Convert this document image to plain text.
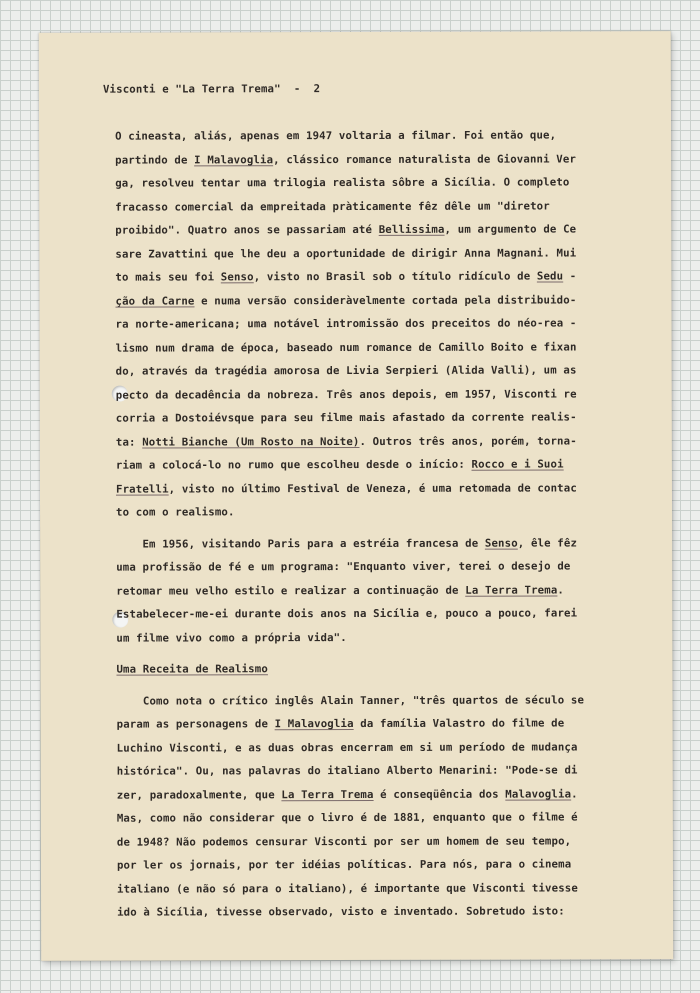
Visconti e "La Terra Trema"  -  2
O cineasta, aliás, apenas em 1947 voltaria a filmar. Foi então que,
partindo de I Malavoglia, clássico romance naturalista de Giovanni Ver
ga, resolveu tentar uma trilogia realista sôbre a Sicília. O completo
fracasso comercial da empreitada pràticamente fêz dêle um "diretor
proibido". Quatro anos se passariam até Bellissima, um argumento de Ce
sare Zavattini que lhe deu a oportunidade de dirigir Anna Magnani. Mui
to mais seu foi Senso, visto no Brasil sob o título ridículo de Sedu -
ção da Carne e numa versão consideràvelmente cortada pela distribuido-
ra norte-americana; uma notável intromissão dos preceitos do néo-rea -
lismo num drama de época, baseado num romance de Camillo Boito e fixan
do, através da tragédia amorosa de Livia Serpieri (Alida Valli), um as
pecto da decadência da nobreza. Três anos depois, em 1957, Visconti re
corria a Dostoiévsque para seu filme mais afastado da corrente realis-
ta: Notti Bianche (Um Rosto na Noite). Outros três anos, porém, torna-
riam a colocá-lo no rumo que escolheu desde o início: Rocco e i Suoi
Fratelli, visto no último Festival de Veneza, é uma retomada de contac
to com o realismo.
Em 1956, visitando Paris para a estréia francesa de Senso, êle fêz
uma profissão de fé e um programa: "Enquanto viver, terei o desejo de
retomar meu velho estilo e realizar a continuação de La Terra Trema.
Estabelecer-me-ei durante dois anos na Sicília e, pouco a pouco, farei
um filme vivo como a própria vida".
Uma Receita de Realismo
Como nota o crítico inglês Alain Tanner, "três quartos de século se
param as personagens de I Malavoglia da família Valastro do filme de
Luchino Visconti, e as duas obras encerram em si um período de mudança
histórica". Ou, nas palavras do italiano Alberto Menarini: "Pode-se di
zer, paradoxalmente, que La Terra Trema é conseqüência dos Malavoglia.
Mas, como não considerar que o livro é de 1881, enquanto que o filme é
de 1948? Não podemos censurar Visconti por ser um homem de seu tempo,
por ler os jornais, por ter idéias políticas. Para nós, para o cinema
italiano (e não só para o italiano), é importante que Visconti tivesse
ido à Sicília, tivesse observado, visto e inventado. Sobretudo isto:
